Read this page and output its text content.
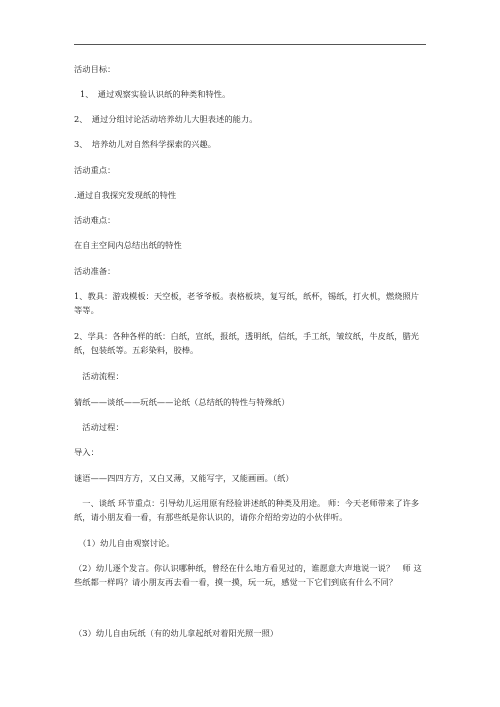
活动目标：
1、　通过观察实验认识纸的种类和特性。
2、　通过分组讨论活动培养幼儿大胆表述的能力。
3、　培养幼儿对自然科学探索的兴趣。
活动重点：
.通过自我探究发现纸的特性
活动难点：
在自主空间内总结出纸的特性
活动准备：
1、教具：游戏模板：天空板，老爷爷板。表格板块，复写纸，纸杯，锡纸，打火机，燃烧照片等等。
2、学具：各种各样的纸：白纸，宣纸，报纸，透明纸，信纸，手工纸，皱纹纸，牛皮纸，腊光纸，包装纸等。五彩染料，胶棒。
　活动流程：
猜纸——谈纸——玩纸——论纸（总结纸的特性与特殊纸）
　活动过程：
导入：
谜语——四四方方，又白又薄，又能写字，又能画画。（纸）
　一、谈纸 环节重点：引导幼儿运用原有经验讲述纸的种类及用途。 师：今天老师带来了许多纸，请小朋友看一看，有那些纸是你认识的，请你介绍给旁边的小伙伴听。
　（1）幼儿自由观察讨论。
（2）幼儿逐个发言。你认识哪种纸，曾经在什么地方看见过的，谁愿意大声地说一说？　师 这些纸都一样吗？请小朋友再去看一看，摸一摸，玩一玩，感觉一下它们到底有什么不同？
（3）幼儿自由玩纸（有的幼儿拿起纸对着阳光照一照）
